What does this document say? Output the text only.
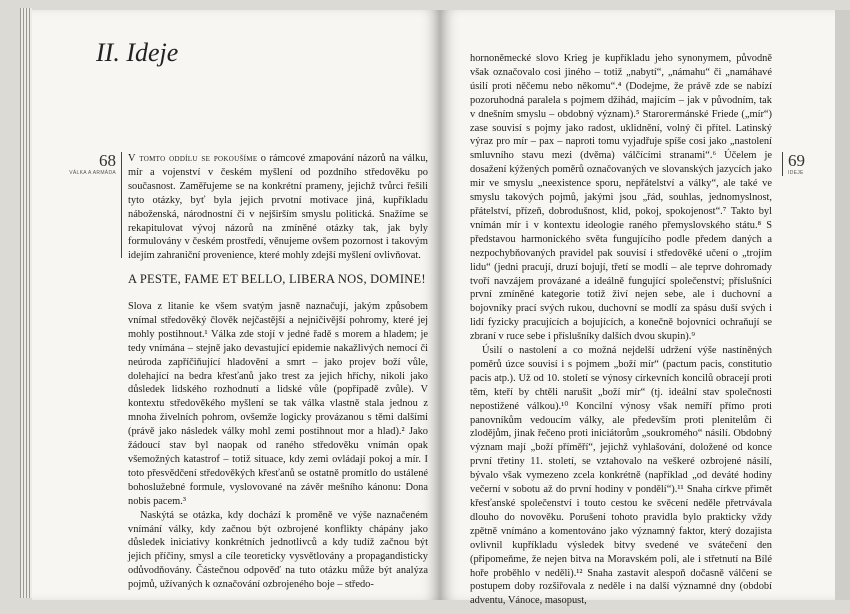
II. Ideje
68
VÁLKA A ARMÁDA
V tomto oddílu se pokoušíme o rámcové zmapování názorů na válku, mír a vojenství v českém myšlení od pozdního středověku po současnost. Zaměřujeme se na konkrétní prameny, jejichž tvůrci řešili tyto otázky, byť byla jejich prvotní motivace jiná, kupříkladu náboženská, národnostní či v nejširším smyslu politická. Snažíme se rekapitulovat vývoj názorů na zmíněné otázky tak, jak byly formulovány v českém prostředí, věnujeme ovšem pozornost i takovým idejím zahraniční provenience, které mohly zdejší myšlení ovlivňovat.
A PESTE, FAME ET BELLO, LIBERA NOS, DOMINE!

Slova z litanie ke všem svatým jasně naznačují, jakým způsobem vnímal středověký člověk nejčastější a nejničivější pohromy, které jej mohly postihnout.¹ Válka zde stojí v jedné řadě s morem a hladem; je tedy vnímána – stejně jako devastující epidemie nakažlivých nemocí či neúroda zapříčiňující hladovění a smrt – jako projev boží vůle, dolehající na bedra křesťanů jako trest za jejich hříchy, nikoli jako důsledek lidského rozhodnutí a lidské vůle (popřípadě zvůle). V kontextu středověkého myšlení se tak válka vlastně stala jednou z mnoha živelních pohrom, ovšemže logicky provázanou s těmi dalšími (právě jako následek války mohl zemi postihnout mor a hlad).² Jako žádoucí stav byl naopak od raného středověku vnímán opak všemožných katastrof – totiž situace, kdy zemi ovládají pokoj a mír. I toto přesvědčení středověkých křesťanů se ostatně promítlo do ustálené bohoslužebné formule, vyslovované na závěr mešního kánonu: Dona nobis pacem.³

Naskýtá se otázka, kdy dochází k proměně ve výše naznačeném vnímání války, kdy začnou být ozbrojené konflikty chápány jako důsledek iniciativy konkrétních jednotlivců a kdy tudíž začnou být jejich příčiny, smysl a cíle teoreticky vysvětlovány a propagandisticky odůvodňovány. Částečnou odpověď na tuto otázku může být analýza pojmů, užívaných k označování ozbrojeného boje – středo-

hornoněmecké slovo Krieg je kupříkladu jeho synonymem, původně však označovalo cosi jiného – totiž „nabytí“, „námahu“ či „namáhavé úsilí proti něčemu nebo někomu“.⁴ (Dodejme, že právě zde se nabízí pozoruhodná paralela s pojmem džihád, majícím – jak v původním, tak v dnešním smyslu – obdobný význam).⁵ Staroгermánské Friede („mír“) zase souvisí s pojmy jako radost, uklidnění, volný či přítel. Latinský výraz pro mír – pax – naproti tomu vyjadřuje spíše cosi jako „nastolení smluvního stavu mezi (dvěma) válčícími stranami“.⁶ Účelem je dosažení kýžených poměrů označovaných ve slovanských jazycích jako mir ve smyslu „neexistence sporu, nepřátelství a války“, ale také ve smyslu takových pojmů, jakými jsou „řád, souhlas, jednomyslnost, přátelství, přízeň, dobrodušnost, klid, pokoj, spokojenost“.⁷ Takto byl vnímán mír i v kontextu ideologie raného přemyslovského státu.⁸ S představou harmonického světa fungujícího podle předem daných a nezpochybňovaných pravidel pak souvisí i středověké učení o „trojím lidu“ (jedni pracují, druzí bojují, třetí se modlí – ale teprve dohromady tvoří navzájem provázané a ideálně fungující společenství; příslušníci první zmíněné kategorie totiž živí nejen sebe, ale i duchovní a bojovníky prací svých rukou, duchovní se modlí za spásu duší svých i lidí fyzicky pracujících a bojujících, a konečně bojovníci ochraňují se zbraní v ruce sebe i příslušníky dalších dvou skupin).⁹

Úsilí o nastolení a co možná nejdelší udržení výše nastíněných poměrů úzce souvisí i s pojmem „boží mír“ (pactum pacis, constitutio pacis atp.). Už od 10. století se výnosy církevních koncilů obracejí proti těm, kteří by chtěli narušit „boží mír“ (tj. ideální stav společnosti nepostižené válkou).¹⁰ Koncilní výnosy však nemíří přímo proti panovníkům vedoucím války, ale především proti plenitelům či zlodějům, jinak řečeno proti iniciátorům „soukromého“ násilí. Obdobný význam mají „boží příměří“, jejichž vyhlašování, doložené od konce první třetiny 11. století, se vztahovalo na veškeré ozbrojené násilí, bývalo však vymezeno zcela konkrétně (například „od deváté hodiny večerní v sobotu až do první hodiny v pondělí“).¹¹ Snaha církve přimět křesťanské společenství i touto cestou ke svěcení neděle přetrvávala dlouho do novověku. Porušení tohoto pravidla bylo prakticky vždy zpětně vnímáno a komentováno jako významný faktor, který dozajista ovlivnil kupříkladu výsledek bitvy svedené ve svátečení den (připomeňme, že nejen bitva na Moravském poli, ale i střetnutí na Bílé hoře proběhlo v neděli).¹² Snaha zastavit alespoň dočasně válčení se postupem doby rozšiřovala z neděle i na další významné dny (období adventu, Vánoce, masopust,

69
IDEJE
